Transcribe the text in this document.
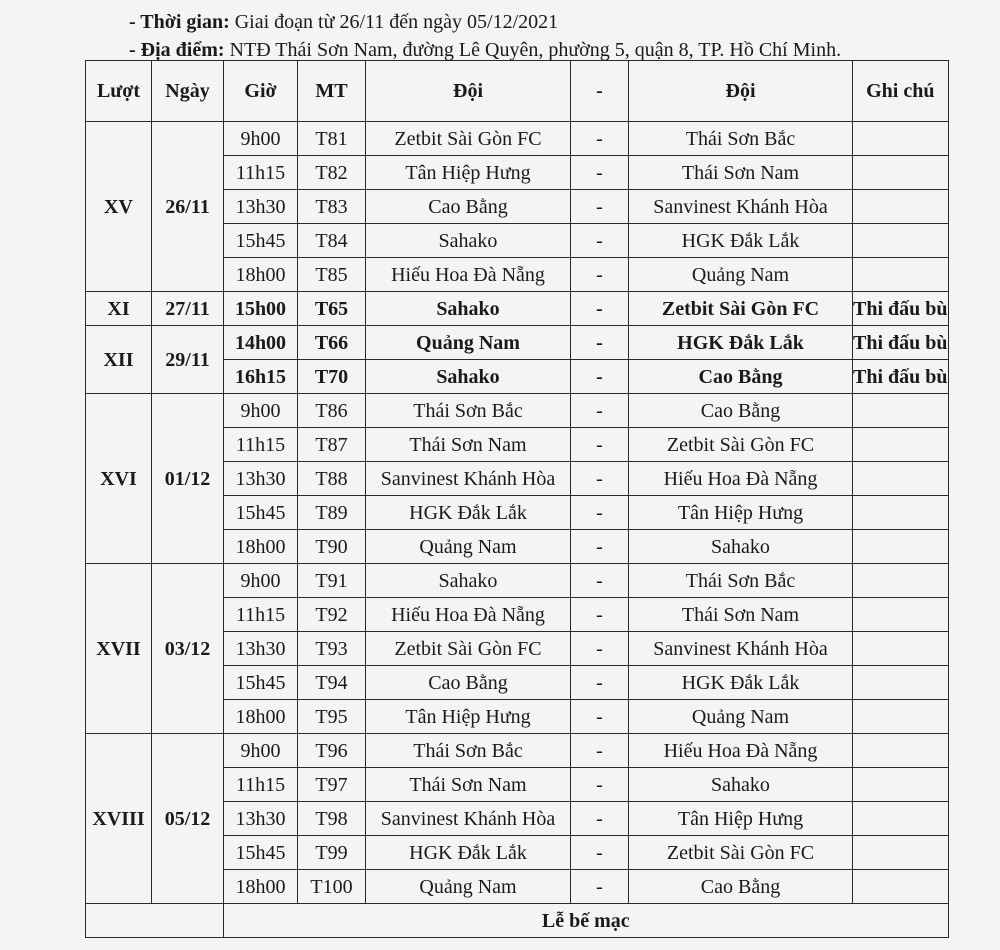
- Thời gian: Giai đoạn từ 26/11 đến ngày 05/12/2021
- Địa điểm: NTĐ Thái Sơn Nam, đường Lê Quyên, phường 5, quận 8, TP. Hồ Chí Minh.
Lượt	Ngày	Giờ	MT	Đội	-	Đội	Ghi chú
XV	26/11	9h00	T81	Zetbit Sài Gòn FC	-	Thái Sơn Bắc	
		11h15	T82	Tân Hiệp Hưng	-	Thái Sơn Nam	
		13h30	T83	Cao Bằng	-	Sanvinest Khánh Hòa	
		15h45	T84	Sahako	-	HGK Đắk Lắk	
		18h00	T85	Hiếu Hoa Đà Nẵng	-	Quảng Nam	
XI	27/11	15h00	T65	Sahako	-	Zetbit Sài Gòn FC	Thi đấu bù
XII	29/11	14h00	T66	Quảng Nam	-	HGK Đắk Lắk	Thi đấu bù
		16h15	T70	Sahako	-	Cao Bằng	Thi đấu bù
XVI	01/12	9h00	T86	Thái Sơn Bắc	-	Cao Bằng	
		11h15	T87	Thái Sơn Nam	-	Zetbit Sài Gòn FC	
		13h30	T88	Sanvinest Khánh Hòa	-	Hiếu Hoa Đà Nẵng	
		15h45	T89	HGK Đắk Lắk	-	Tân Hiệp Hưng	
		18h00	T90	Quảng Nam	-	Sahako	
XVII	03/12	9h00	T91	Sahako	-	Thái Sơn Bắc	
		11h15	T92	Hiếu Hoa Đà Nẵng	-	Thái Sơn Nam	
		13h30	T93	Zetbit Sài Gòn FC	-	Sanvinest Khánh Hòa	
		15h45	T94	Cao Bằng	-	HGK Đắk Lắk	
		18h00	T95	Tân Hiệp Hưng	-	Quảng Nam	
XVIII	05/12	9h00	T96	Thái Sơn Bắc	-	Hiếu Hoa Đà Nẵng	
		11h15	T97	Thái Sơn Nam	-	Sahako	
		13h30	T98	Sanvinest Khánh Hòa	-	Tân Hiệp Hưng	
		15h45	T99	HGK Đắk Lắk	-	Zetbit Sài Gòn FC	
		18h00	T100	Quảng Nam	-	Cao Bằng	
		Lễ bế mạc					
